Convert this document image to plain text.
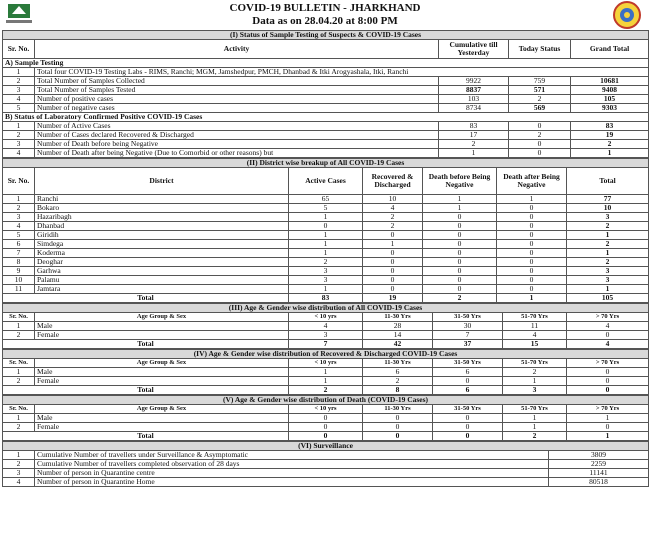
COVID-19 BULLETIN - JHARKHAND
Data as on 28.04.20 at 8:00 PM
(I) Status of Sample Testing of Suspects & COVID-19 Cases				
Sr. No.	Activity	Cumulative till Yesterday	Today Status	Grand Total
A) Sample Testing				
1	Total four COVID-19 Testing Labs - RIMS, Ranchi; MGM, Jamshedpur, PMCH, Dhanbad & Itki Arogyashala, Itki, Ranchi			
2	Total Number of Samples Collected	9922	759	10681
3	Total Number of Samples Tested	8837	571	9408
4	Number of positive cases	103	2	105
5	Number of negative cases	8734	569	9303
B) Status of Laboratory Confirmed Positive COVID-19 Cases				
1	Number of Active Cases	83	0	83
2	Number of Cases declared Recovered & Discharged	17	2	19
3	Number of Death before being Negative	2	0	2
4	Number of Death after being Negative (Due to Comorbid or other reasons) but	1	0	1
(II) District wise breakup of All COVID-19 Cases						
Sr. No.	District	Active Cases	Recovered & Discharged	Death before Being Negative	Death after Being Negative	Total
1	Ranchi	65	10	1	1	77
2	Bokaro	5	4	1	0	10
3	Hazaribagh	1	2	0	0	3
4	Dhanbad	0	2	0	0	2
5	Giridih	1	0	0	0	1
6	Simdega	1	1	0	0	2
7	Koderma	1	0	0	0	1
8	Deoghar	2	0	0	0	2
9	Garhwa	3	0	0	0	3
10	Palamu	3	0	0	0	3
11	Jamtara	1	0	0	0	1
Total		83	19	2	1	105
(III) Age & Gender wise distribution of All COVID-19 Cases						
Sr. No.	Age Group & Sex	< 10 yrs	11-30 Yrs	31-50 Yrs	51-70 Yrs	> 70 Yrs
1	Male	4	28	30	11	4
2	Female	3	14	7	4	0
Total		7	42	37	15	4
(IV) Age & Gender wise distribution of Recovered & Discharged COVID-19 Cases						
Sr. No.	Age Group & Sex	< 10 yrs	11-30 Yrs	31-50 Yrs	51-70 Yrs	> 70 Yrs
1	Male	1	6	6	2	0
2	Female	1	2	0	1	0
Total		2	8	6	3	0
(V) Age & Gender wise distribution of Death (COVID-19 Cases)						
Sr. No.	Age Group & Sex	< 10 yrs	11-30 Yrs	31-50 Yrs	51-70 Yrs	> 70 Yrs
1	Male	0	0	0	1	1
2	Female	0	0	0	1	0
Total		0	0	0	2	1
(VI) Surveillance		
1	Cumulative Number of travellers under Surveillance & Asymptomatic	3809
2	Cumulative Number of travellers completed observation of 28 days	2259
3	Number of person in Quarantine centre	11141
4	Number of person in Quarantine Home	80518
